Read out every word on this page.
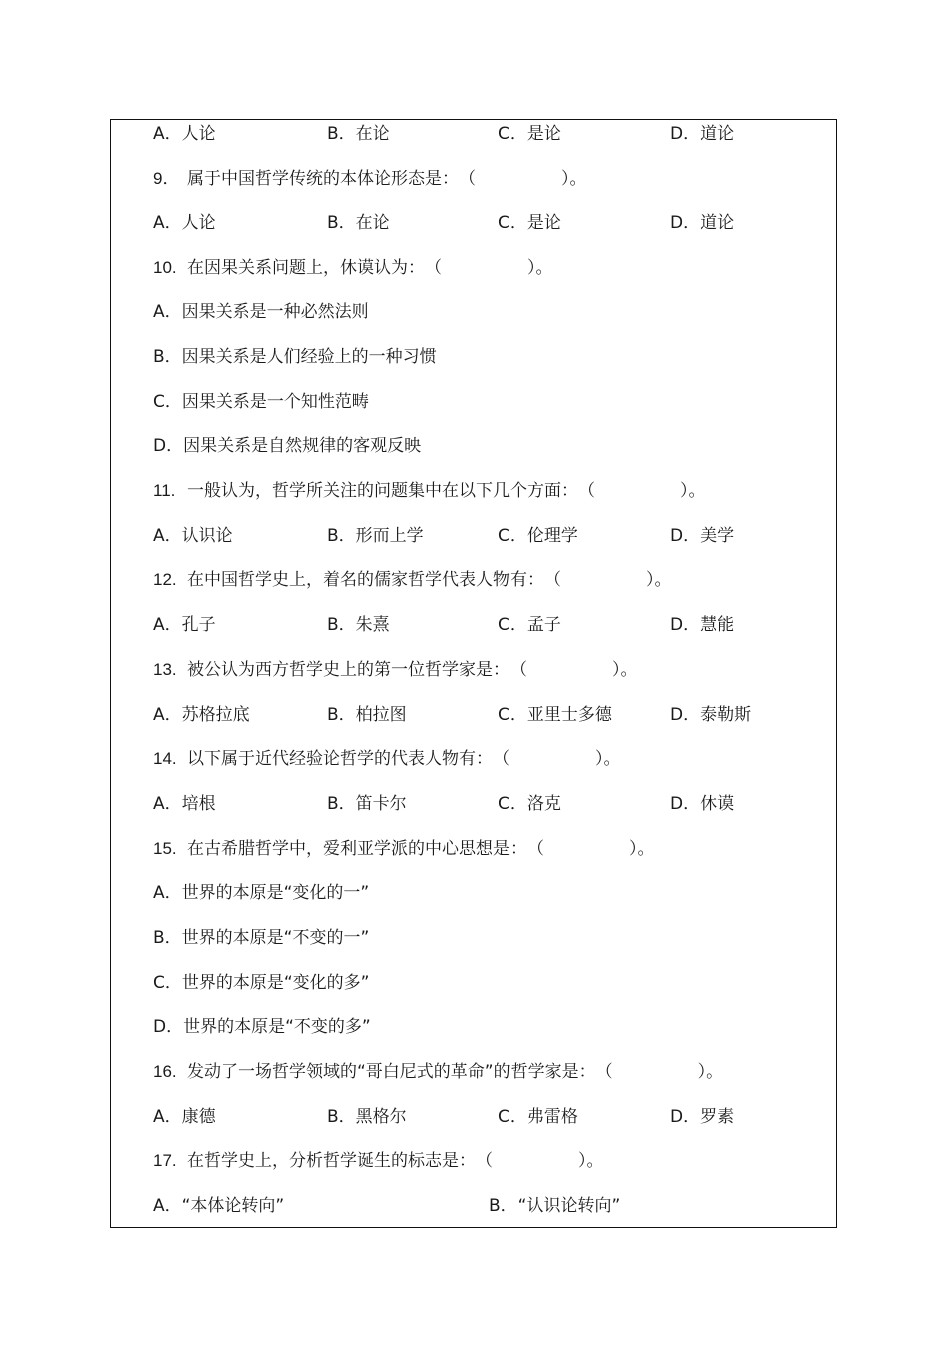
A．人论	B．在论	C．是论	D．道论
9． 属于中国哲学传统的本体论形态是：　（　　　　　）。
A．人论	B．在论	C．是论	D．道论
10. 在因果关系问题上，休谟认为：　（　　　　　）。
A．因果关系是一种必然法则
B．因果关系是人们经验上的一种习惯
C．因果关系是一个知性范畴
D．因果关系是自然规律的客观反映
11. 一般认为，哲学所关注的问题集中在以下几个方面：　（　　　　　）。
A．认识论	B．形而上学	C．伦理学	D．美学
12. 在中国哲学史上，着名的儒家哲学代表人物有：　（　　　　　）。
A．孔子	B．朱熹	C．孟子	D．慧能
13. 被公认为西方哲学史上的第一位哲学家是：　（　　　　　）。
A．苏格拉底	B．柏拉图	C．亚里士多德	D．泰勒斯
14. 以下属于近代经验论哲学的代表人物有：　（　　　　　）。
A．培根	B．笛卡尔	C．洛克	D．休谟
15. 在古希腊哲学中，爱利亚学派的中心思想是：　（　　　　　）。
A．世界的本原是“变化的一”
B．世界的本原是“不变的一”
C．世界的本原是“变化的多”
D．世界的本原是“不变的多”
16. 发动了一场哲学领域的“哥白尼式的革命”的哲学家是：　（　　　　　）。
A．康德	B．黑格尔	C．弗雷格	D．罗素
17. 在哲学史上，分析哲学诞生的标志是：　（　　　　　）。
A．“本体论转向”	B．“认识论转向”
